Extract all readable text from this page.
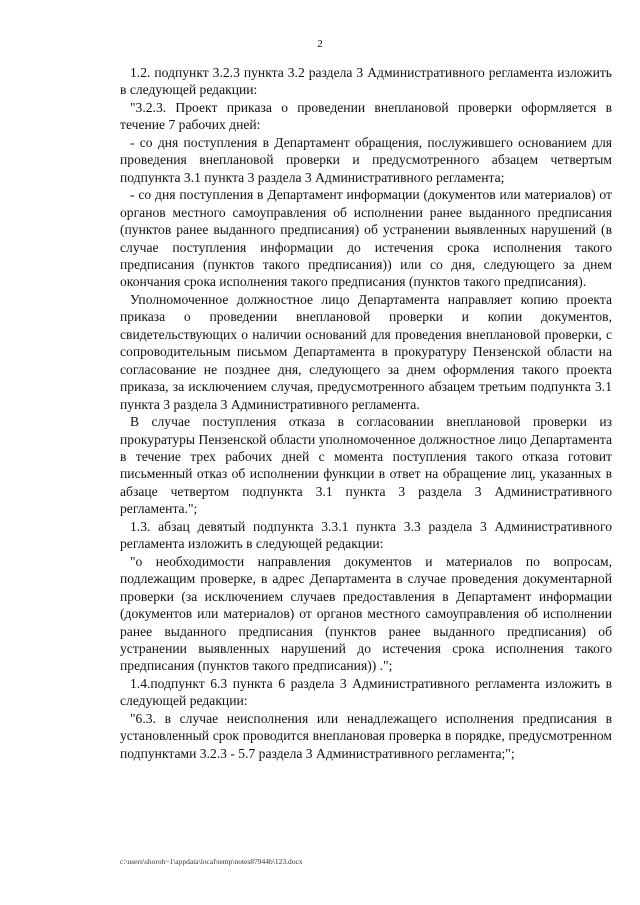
2

1.2. подпункт 3.2.3 пункта 3.2 раздела 3 Административного регламента изложить в следующей редакции:

"3.2.3. Проект приказа о проведении внеплановой проверки оформляется в течение 7 рабочих дней:

- со дня поступления в Департамент обращения, послужившего основанием для проведения внеплановой проверки и предусмотренного абзацем четвертым подпункта 3.1 пункта 3 раздела 3 Административного регламента;

- со дня поступления в Департамент информации (документов или материалов) от органов местного самоуправления об исполнении ранее выданного предписания (пунктов ранее выданного предписания) об устранении выявленных нарушений (в случае поступления информации до истечения срока исполнения такого предписания (пунктов такого предписания)) или со дня, следующего за днем окончания срока исполнения такого предписания (пунктов такого предписания).

Уполномоченное должностное лицо Департамента направляет копию проекта приказа о проведении внеплановой проверки и копии документов, свидетельствующих о наличии оснований для проведения внеплановой проверки, с сопроводительным письмом Департамента в прокуратуру Пензенской области на согласование не позднее дня, следующего за днем оформления такого проекта приказа, за исключением случая, предусмотренного абзацем третьим подпункта 3.1 пункта 3 раздела 3 Административного регламента.

В случае поступления отказа в согласовании внеплановой проверки из прокуратуры Пензенской области уполномоченное должностное лицо Департамента в течение трех рабочих дней с момента поступления такого отказа готовит письменный отказ об исполнении функции в ответ на обращение лиц, указанных в абзаце четвертом подпункта 3.1 пункта 3 раздела 3 Административного регламента.";

1.3. абзац девятый подпункта 3.3.1 пункта 3.3 раздела 3 Административного регламента изложить в следующей редакции:

"о необходимости направления документов и материалов по вопросам, подлежащим проверке, в адрес Департамента в случае проведения документарной проверки (за исключением случаев предоставления в Департамент информации (документов или материалов) от органов местного самоуправления об исполнении ранее выданного предписания (пунктов ранее выданного предписания) об устранении выявленных нарушений до истечения срока исполнения такого предписания (пунктов такого предписания)) .";

1.4.подпункт 6.3 пункта 6 раздела 3 Административного регламента изложить в следующей редакции:

"6.3. в случае неисполнения или ненадлежащего исполнения предписания в установленный срок проводится внеплановая проверка в порядке, предусмотренном подпунктами 3.2.3 - 5.7 раздела 3 Административного регламента;";

c:\users\shoroh~1\appdata\local\temp\notes87944b\123.docx
